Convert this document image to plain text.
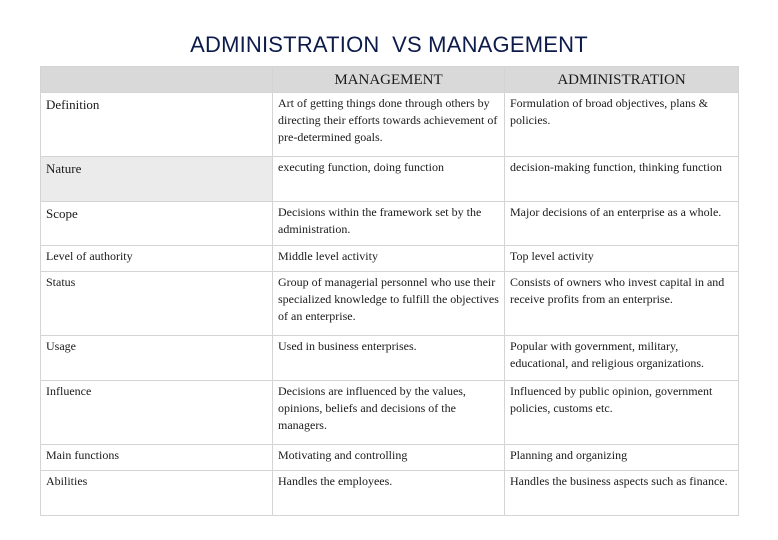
ADMINISTRATION  VS MANAGEMENT
	MANAGEMENT	ADMINISTRATION
Definition	Art of getting things done through others by directing their efforts towards achievement of pre-determined goals.	Formulation of broad objectives, plans & policies.
Nature	executing function, doing function	decision-making function, thinking function
Scope	Decisions within the framework set by the administration.	Major decisions of an enterprise as a whole.
Level of authority	Middle level activity	Top level activity
Status	Group of managerial personnel who use their specialized knowledge to fulfill the objectives of an enterprise.	Consists of owners who invest capital in and receive profits from an enterprise.
Usage	Used in business enterprises.	Popular with government, military, educational, and religious organizations.
Influence	Decisions are influenced by the values, opinions, beliefs and decisions of the managers.	Influenced by public opinion, government policies, customs etc.
Main functions	Motivating and controlling	Planning and organizing
Abilities	Handles the employees.	Handles the business aspects such as finance.
